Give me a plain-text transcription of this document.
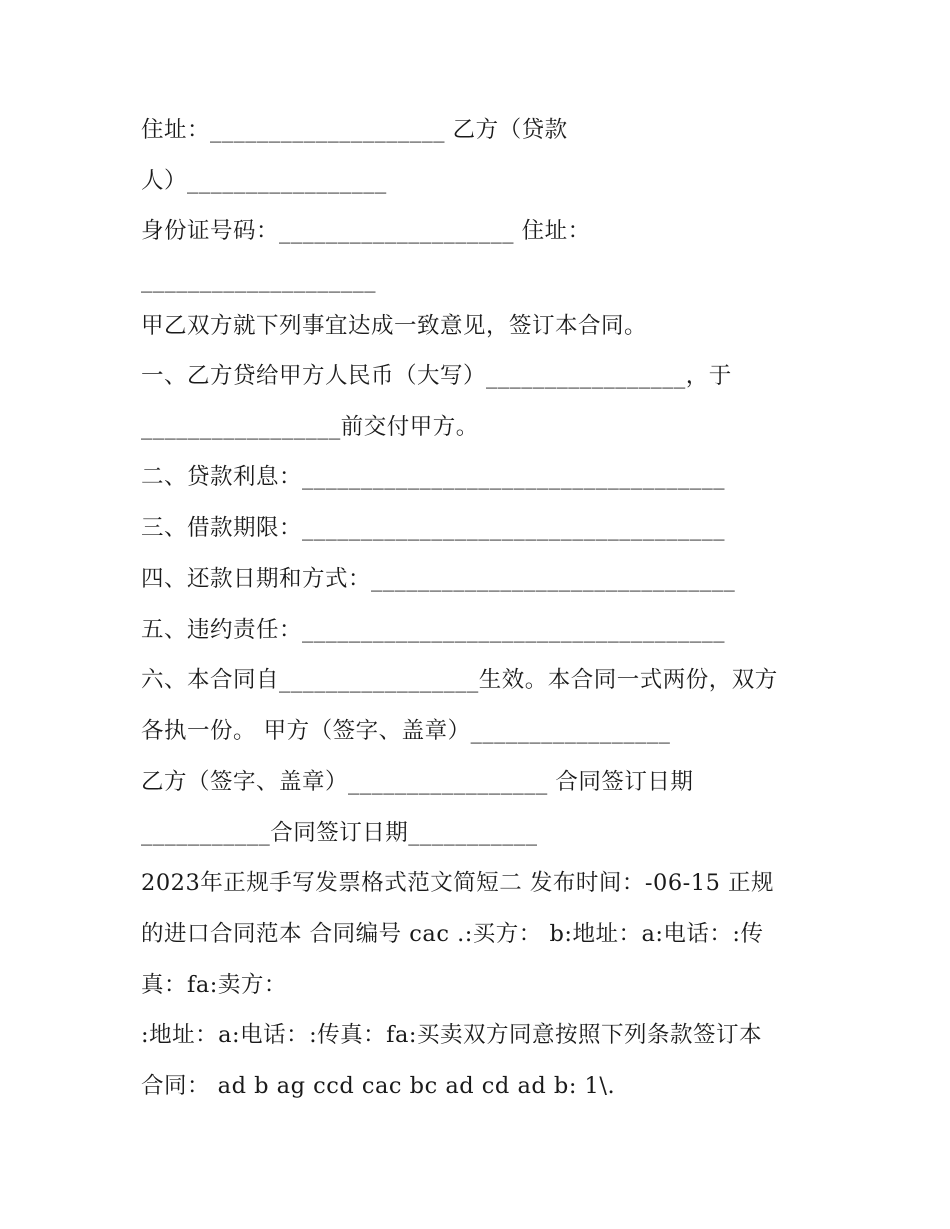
住址：____________________ 乙方（贷款
人）_________________
身份证号码：____________________ 住址：
____________________
甲乙双方就下列事宜达成一致意见，签订本合同。
一、乙方贷给甲方人民币（大写）_________________，于
_________________前交付甲方。
二、贷款利息：____________________________________
三、借款期限：____________________________________
四、还款日期和方式：_______________________________
五、违约责任：____________________________________
六、本合同自_________________生效。本合同一式两份，双方
各执一份。 甲方（签字、盖章）_________________
乙方（签字、盖章）_________________ 合同签订日期
___________合同签订日期___________
2023年正规手写发票格式范文简短二 发布时间：-06-15 正规
的进口合同范本 合同编号 cac .:买方： b:地址：a:电话：:传
真：fa:卖方：
:地址：a:电话：:传真：fa:买卖双方同意按照下列条款签订本
合同： ad b ag ccd cac bc ad cd ad b: 1\.
